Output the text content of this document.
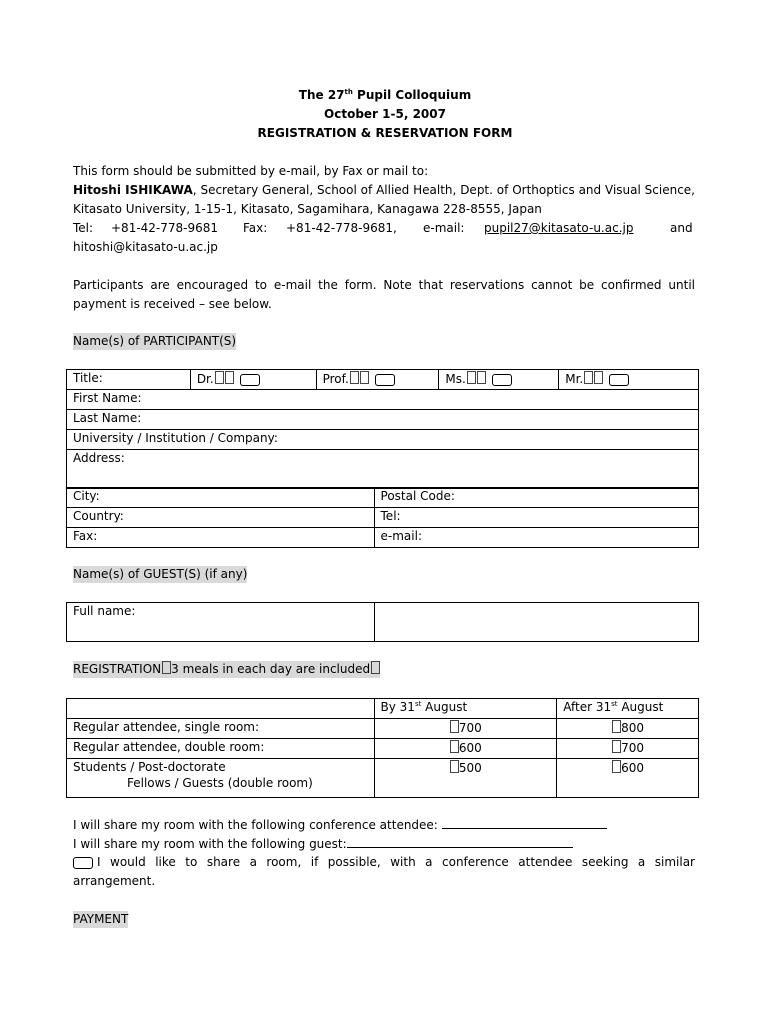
The 27th Pupil Colloquium
October 1-5, 2007
REGISTRATION & RESERVATION FORM
This form should be submitted by e-mail, by Fax or mail to:
Hitoshi ISHIKAWA, Secretary General, School of Allied Health, Dept. of Orthoptics and Visual Science, Kitasato University, 1-15-1, Kitasato, Sagamihara, Kanagawa 228-8555, Japan
Tel: +81-42-778-9681 Fax: +81-42-778-9681, e-mail: pupil27@kitasato-u.ac.jp	and
hitoshi@kitasato-u.ac.jp
Participants are encouraged to e-mail the form. Note that reservations cannot be confirmed until payment is received – see below.
Name(s) of PARTICIPANT(S)
Title:	Dr.	Prof.	Ms.	Mr.
First Name:
Last Name:
University / Institution / Company:
Address:
City:	Postal Code:
Country:	Tel:
Fax:	e-mail:
Name(s) of GUEST(S) (if any)
Full name:	
REGISTRATION 3 meals in each day are included
	By 31st August	After 31st August
Regular attendee, single room:	700	800
Regular attendee, double room:	600	700

Students / Post-doctorate
Fellows / Guests (double room)	500	600
I will share my room with the following conference attendee:
I will share my room with the following guest:
I would like to share a room, if possible, with a conference attendee seeking a similar arrangement.
PAYMENT
